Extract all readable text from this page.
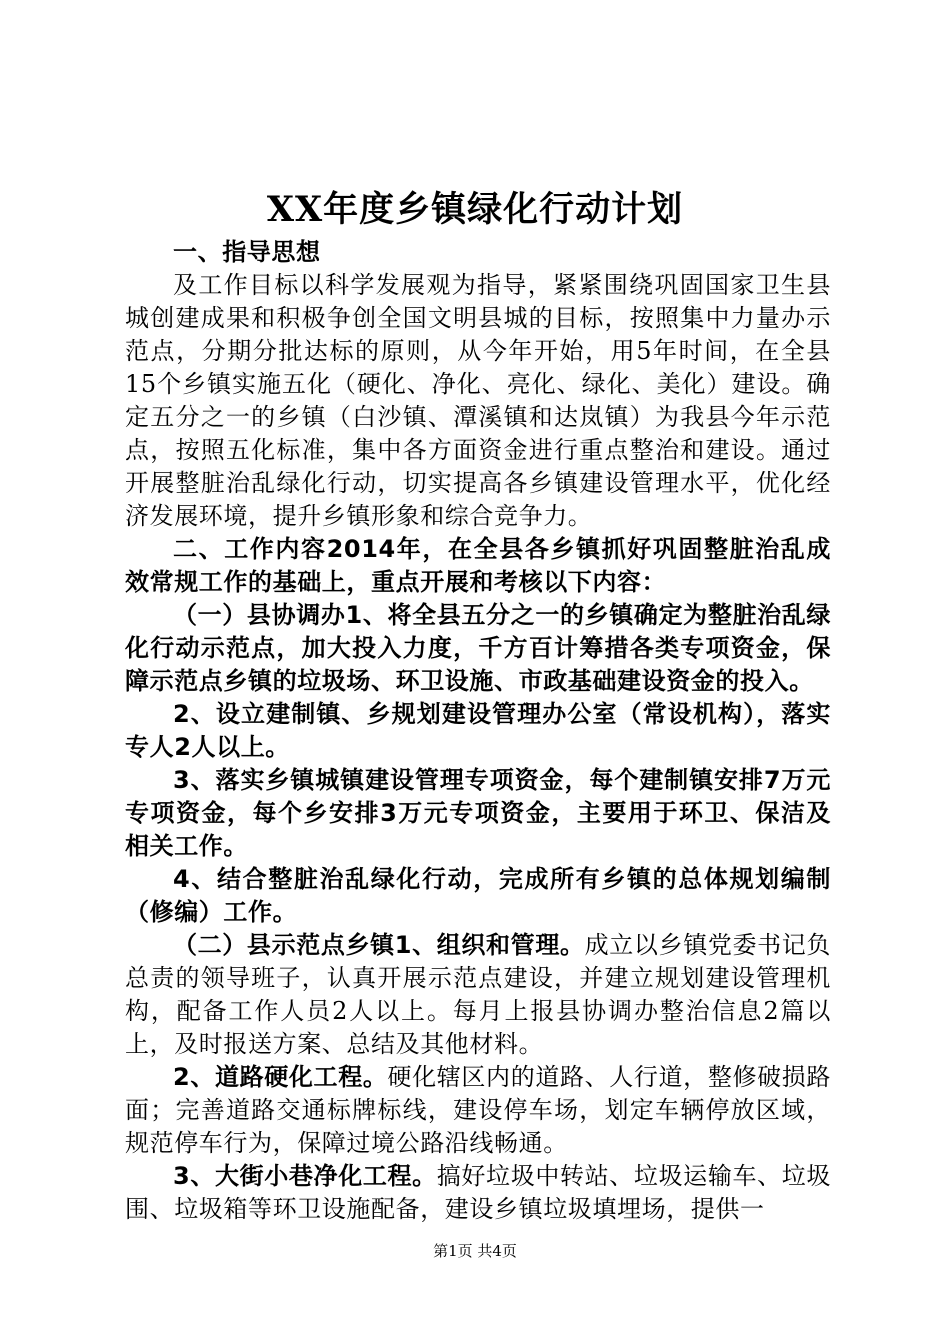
XX年度乡镇绿化行动计划

一、指导思想

及工作目标以科学发展观为指导，紧紧围绕巩固国家卫生县城创建成果和积极争创全国文明县城的目标，按照集中力量办示范点，分期分批达标的原则，从今年开始，用5年时间，在全县15个乡镇实施五化（硬化、净化、亮化、绿化、美化）建设。确定五分之一的乡镇（白沙镇、潭溪镇和达岚镇）为我县今年示范点，按照五化标准，集中各方面资金进行重点整治和建设。通过开展整脏治乱绿化行动，切实提高各乡镇建设管理水平，优化经济发展环境，提升乡镇形象和综合竞争力。

二、工作内容2014年，在全县各乡镇抓好巩固整脏治乱成效常规工作的基础上，重点开展和考核以下内容：

（一）县协调办1、将全县五分之一的乡镇确定为整脏治乱绿化行动示范点，加大投入力度，千方百计筹措各类专项资金，保障示范点乡镇的垃圾场、环卫设施、市政基础建设资金的投入。

2、设立建制镇、乡规划建设管理办公室（常设机构），落实专人2人以上。

3、落实乡镇城镇建设管理专项资金，每个建制镇安排7万元专项资金，每个乡安排3万元专项资金，主要用于环卫、保洁及相关工作。

4、结合整脏治乱绿化行动，完成所有乡镇的总体规划编制（修编）工作。

（二）县示范点乡镇1、组织和管理。成立以乡镇党委书记负总责的领导班子，认真开展示范点建设，并建立规划建设管理机构，配备工作人员2人以上。每月上报县协调办整治信息2篇以上，及时报送方案、总结及其他材料。

2、道路硬化工程。硬化辖区内的道路、人行道，整修破损路面；完善道路交通标牌标线，建设停车场，划定车辆停放区域，规范停车行为，保障过境公路沿线畅通。

3、大街小巷净化工程。搞好垃圾中转站、垃圾运输车、垃圾围、垃圾箱等环卫设施配备，建设乡镇垃圾填埋场，提供一

第1页 共4页
